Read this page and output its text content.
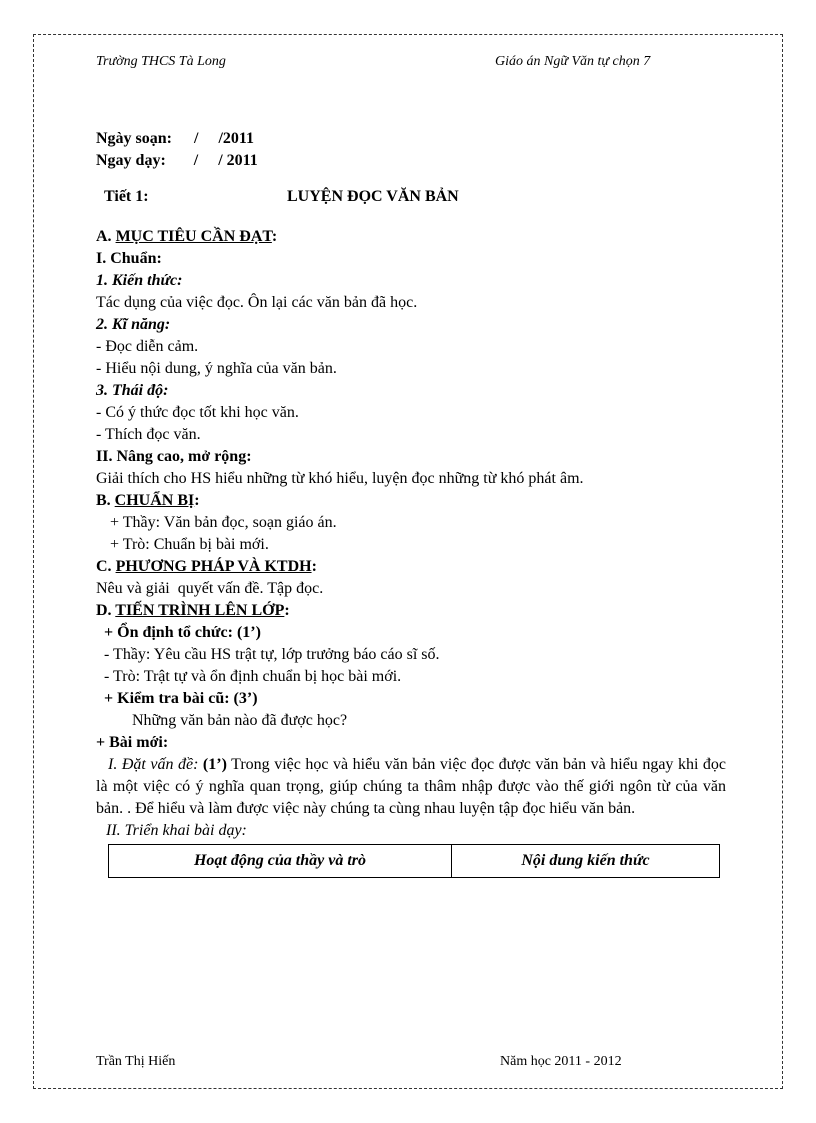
Trường THCS Tà Long	Giáo án Ngữ Văn tự chọn 7
Ngày soạn: /     /2011
Ngay dạy: /     / 2011
Tiết 1:	LUYỆN ĐỌC VĂN BẢN
A. MỤC TIÊU CẦN ĐẠT:
I. Chuẩn:
1. Kiến thức:
Tác dụng của việc đọc. Ôn lại các văn bản đã học.
2. Kĩ năng:
- Đọc diễn cảm.
- Hiểu nội dung, ý nghĩa của văn bản.
3. Thái độ:
- Có ý thức đọc tốt khi học văn.
- Thích đọc văn.
II. Nâng cao, mở rộng:
Giải thích cho HS hiểu những từ khó hiểu, luyện đọc những từ khó phát âm.
B. CHUẨN BỊ:
+ Thầy: Văn bản đọc, soạn giáo án.
+ Trò: Chuẩn bị bài mới.
C. PHƯƠNG PHÁP VÀ KTDH:
Nêu và giải  quyết vấn đề. Tập đọc.
D. TIẾN TRÌNH LÊN LỚP:
+ Ổn định tổ chức: (1’)
- Thầy: Yêu cầu HS trật tự, lớp trưởng báo cáo sĩ số.
- Trò: Trật tự và ổn định chuẩn bị học bài mới.
+ Kiểm tra bài cũ: (3’)
Những văn bản nào đã được học?
+ Bài mới:
I. Đặt vấn đề: (1’) Trong việc học và hiểu văn bản việc đọc được văn bản và hiểu ngay khi đọc là một việc có ý nghĩa quan trọng, giúp chúng ta thâm nhập được vào thế giới ngôn từ của văn bản. . Để hiểu và làm được việc này chúng ta cùng nhau luyện tập đọc hiểu văn bản.
II. Triển khai bài dạy:
Hoạt động của thầy và trò	Nội dung kiến thức
Trần Thị Hiến	Năm học 2011 - 2012
